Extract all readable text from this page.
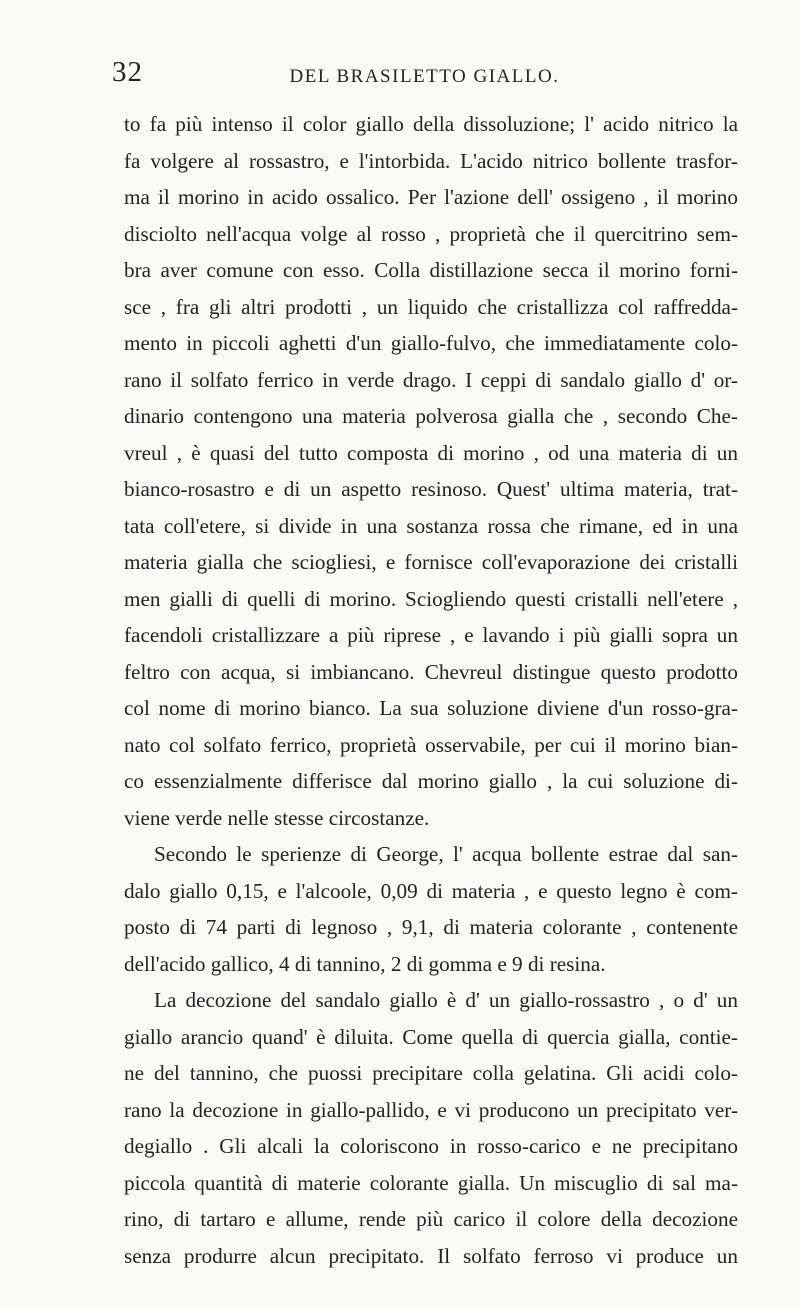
32	DEL BRASILETTO GIALLO.
to fa più intenso il color giallo della dissoluzione; l' acido nitrico la
fa volgere al rossastro, e l'intorbida. L'acido nitrico bollente trasfor-
ma il morino in acido ossalico. Per l'azione dell' ossigeno , il morino
disciolto nell'acqua volge al rosso , proprietà che il quercitrino sem-
bra aver comune con esso. Colla distillazione secca il morino forni-
sce , fra gli altri prodotti , un liquido che cristallizza col raffredda-
mento in piccoli aghetti d'un giallo-fulvo, che immediatamente colo-
rano il solfato ferrico in verde drago. I ceppi di sandalo giallo d' or-
dinario contengono una materia polverosa gialla che , secondo Che-
vreul , è quasi del tutto composta di morino , od una materia di un
bianco-rosastro e di un aspetto resinoso. Quest' ultima materia, trat-
tata coll'etere, si divide in una sostanza rossa che rimane, ed in una
materia gialla che sciogliesi, e fornisce coll'evaporazione dei cristalli
men gialli di quelli di morino. Sciogliendo questi cristalli nell'etere ,
facendoli cristallizzare a più riprese , e lavando i più gialli sopra un
feltro con acqua, si imbiancano. Chevreul distingue questo prodotto
col nome di morino bianco. La sua soluzione diviene d'un rosso-gra-
nato col solfato ferrico, proprietà osservabile, per cui il morino bian-
co essenzialmente differisce dal morino giallo , la cui soluzione di-
viene verde nelle stesse circostanze.
Secondo le sperienze di George, l' acqua bollente estrae dal san-
dalo giallo 0,15, e l'alcoole, 0,09 di materia , e questo legno è com-
posto di 74 parti di legnoso , 9,1, di materia colorante , contenente
dell'acido gallico, 4 di tannino, 2 di gomma e 9 di resina.
La decozione del sandalo giallo è d' un giallo-rossastro , o d' un
giallo arancio quand' è diluita. Come quella di quercia gialla, contie-
ne del tannino, che puossi precipitare colla gelatina. Gli acidi colo-
rano la decozione in giallo-pallido, e vi producono un precipitato ver-
degiallo . Gli alcali la coloriscono in rosso-carico e ne precipitano
piccola quantità di materie colorante gialla. Un miscuglio di sal ma-
rino, di tartaro e allume, rende più carico il colore della decozione
senza produrre alcun precipitato. Il solfato ferroso vi produce un
